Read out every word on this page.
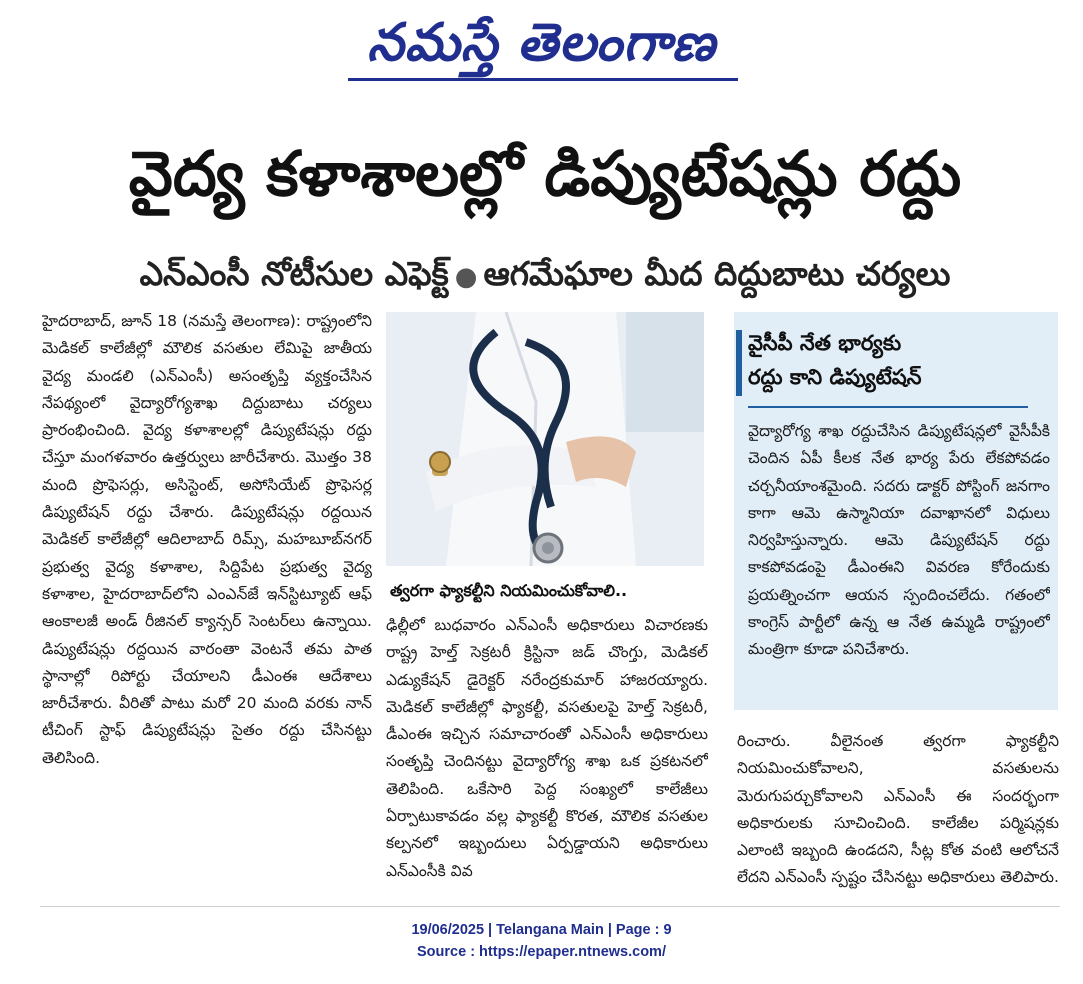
నమస్తే తెలంగాణ
వైద్య కళాశాలల్లో డిప్యుటేషన్లు రద్దు
ఎన్‌ఎంసీ నోటీసుల ఎఫెక్ట్ ● ఆగమేఘాల మీద దిద్దుబాటు చర్యలు
హైదరాబాద్, జూన్ 18 (నమస్తే తెలంగాణ): రాష్ట్రంలోని మెడికల్ కాలేజీల్లో మౌలిక వసతుల లేమిపై జాతీయ వైద్య మండలి (ఎన్‌ఎంసీ) అసంతృప్తి వ్యక్తంచేసిన నేపథ్యంలో వైద్యారోగ్యశాఖ దిద్దుబాటు చర్యలు ప్రారంభించింది. వైద్య కళాశాలల్లో డిప్యుటేషన్లు రద్దు చేస్తూ మంగళవారం ఉత్తర్వులు జారీచేశారు. మొత్తం 38 మంది ప్రొఫెసర్లు, అసిస్టెంట్, అసోసియేట్ ప్రొఫెసర్ల డిప్యుటేషన్ రద్దు చేశారు. డిప్యుటేషన్లు రద్దయిన మెడికల్ కాలేజీల్లో ఆదిలాబాద్ రిమ్స్, మహబూబ్‌నగర్ ప్రభుత్వ వైద్య కళాశాల, సిద్దిపేట ప్రభుత్వ వైద్య కళాశాల, హైదరాబాద్‌లోని ఎంఎన్‌జే ఇన్‌స్టిట్యూట్ ఆఫ్ ఆంకాలజీ అండ్ రీజినల్ క్యాన్సర్ సెంటర్‌లు ఉన్నాయి. డిప్యుటేషన్లు రద్దయిన వారంతా వెంటనే తమ పాత స్థానాల్లో రిపోర్టు చేయాలని డీఎంఈ ఆదేశాలు జారీచేశారు. వీరితో పాటు మరో 20 మంది వరకు నాన్ టీచింగ్ స్టాఫ్ డిప్యుటేషన్లు సైతం రద్దు చేసినట్టు తెలిసింది.
త్వరగా ఫ్యాకల్టీని నియమించుకోవాలి..
ఢిల్లీలో బుధవారం ఎన్‌ఎంసీ అధికారులు విచారణకు రాష్ట్ర హెల్త్ సెక్రటరీ క్రిస్టినా జడ్ చొంగ్తు, మెడికల్ ఎడ్యుకేషన్ డైరెక్టర్ నరేంద్రకుమార్ హాజరయ్యారు. మెడికల్ కాలేజీల్లో ఫ్యాకల్టీ, వసతులపై హెల్త్ సెక్రటరీ, డీఎంఈ ఇచ్చిన సమాచారంతో ఎన్‌ఎంసీ అధికారులు సంతృప్తి చెందినట్టు వైద్యారోగ్య శాఖ ఒక ప్రకటనలో తెలిపింది. ఒకేసారి పెద్ద సంఖ్యలో కాలేజీలు ఏర్పాటుకావడం వల్ల ఫ్యాకల్టీ కొరత, మౌలిక వసతుల కల్పనలో ఇబ్బందులు ఏర్పడ్డాయని అధికారులు ఎన్‌ఎంసీకి వివ
వైసీపీ నేత భార్యకు
రద్దు కాని డిప్యుటేషన్
వైద్యారోగ్య శాఖ రద్దుచేసిన డిప్యుటేషన్లలో వైసీపీకి చెందిన ఏపీ కీలక నేత భార్య పేరు లేకపోవడం చర్చనీయాంశమైంది. సదరు డాక్టర్ పోస్టింగ్ జనగాం కాగా ఆమె ఉస్మానియా దవాఖానలో విధులు నిర్వహిస్తున్నారు. ఆమె డిప్యుటేషన్ రద్దు కాకపోవడంపై డీఎంఈని వివరణ కోరేందుకు ప్రయత్నించగా ఆయన స్పందించలేదు. గతంలో కాంగ్రెస్ పార్టీలో ఉన్న ఆ నేత ఉమ్మడి రాష్ట్రంలో మంత్రిగా కూడా పనిచేశారు.
రించారు. వీలైనంత త్వరగా ఫ్యాకల్టీని నియమించుకోవాలని, వసతులను మెరుగుపర్చుకోవాలని ఎన్‌ఎంసీ ఈ సందర్భంగా అధికారులకు సూచించింది. కాలేజీల పర్మిషన్లకు ఎలాంటి ఇబ్బంది ఉండదని, సీట్ల కోత వంటి ఆలోచనే లేదని ఎన్‌ఎంసీ స్పష్టం చేసినట్టు అధికారులు తెలిపారు.
19/06/2025 | Telangana Main | Page : 9
Source : https://epaper.ntnews.com/
